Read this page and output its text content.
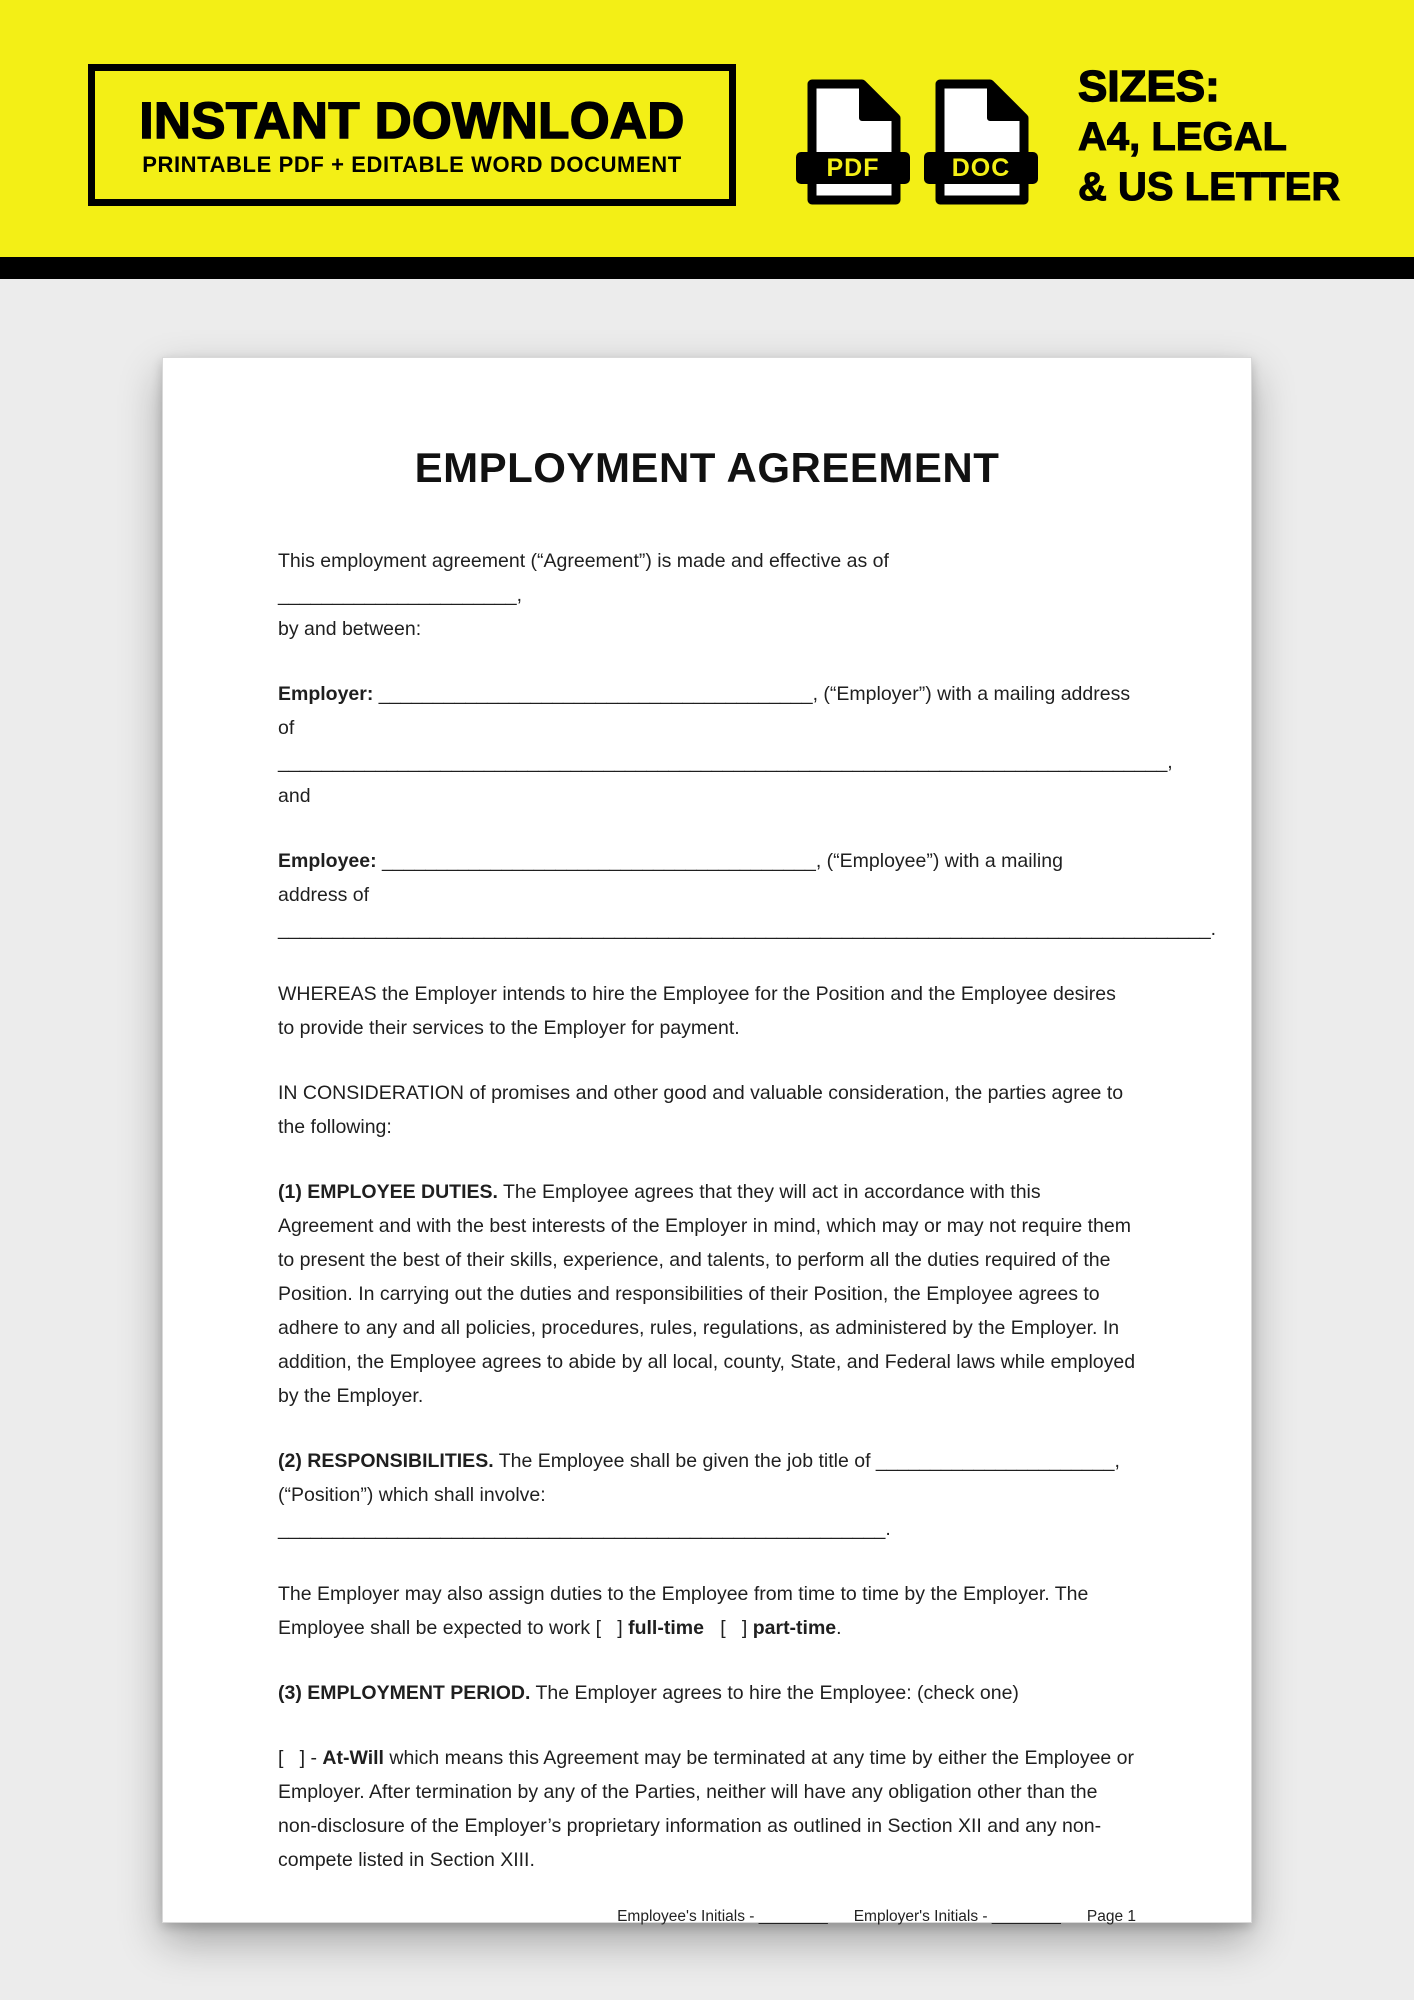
INSTANT DOWNLOAD
PRINTABLE PDF + EDITABLE WORD DOCUMENT	PDF	DOC
SIZES:
A4, LEGAL
& US LETTER
EMPLOYMENT AGREEMENT

This employment agreement (“Agreement”) is made and effective as of ______________________,
by and between:

Employer: ________________________________________, (“Employer”) with a mailing address of
__________________________________________________________________________________, and

Employee: ________________________________________, (“Employee”) with a mailing address of
______________________________________________________________________________________.

WHEREAS the Employer intends to hire the Employee for the Position and the Employee desires to provide their services to the Employer for payment.

IN CONSIDERATION of promises and other good and valuable consideration, the parties agree to the following:

(1) EMPLOYEE DUTIES. The Employee agrees that they will act in accordance with this Agreement and with the best interests of the Employer in mind, which may or may not require them to present the best of their skills, experience, and talents, to perform all the duties required of the Position. In carrying out the duties and responsibilities of their Position, the Employee agrees to adhere to any and all policies, procedures, rules, regulations, as administered by the Employer. In addition, the Employee agrees to abide by all local, county, State, and Federal laws while employed by the Employer.

(2) RESPONSIBILITIES. The Employee shall be given the job title of ______________________,
(“Position”) which shall involve: ________________________________________________________.

The Employer may also assign duties to the Employee from time to time by the Employer. The Employee shall be expected to work [   ] full-time   [   ] part-time.

(3) EMPLOYMENT PERIOD. The Employer agrees to hire the Employee: (check one)

[   ] - At-Will which means this Agreement may be terminated at any time by either the Employee or Employer. After termination by any of the Parties, neither will have any obligation other than the non-disclosure of the Employer’s proprietary information as outlined in Section XII and any non-compete listed in Section XIII.

Employee's Initials - ________ Employer's Initials - ________ Page 1
